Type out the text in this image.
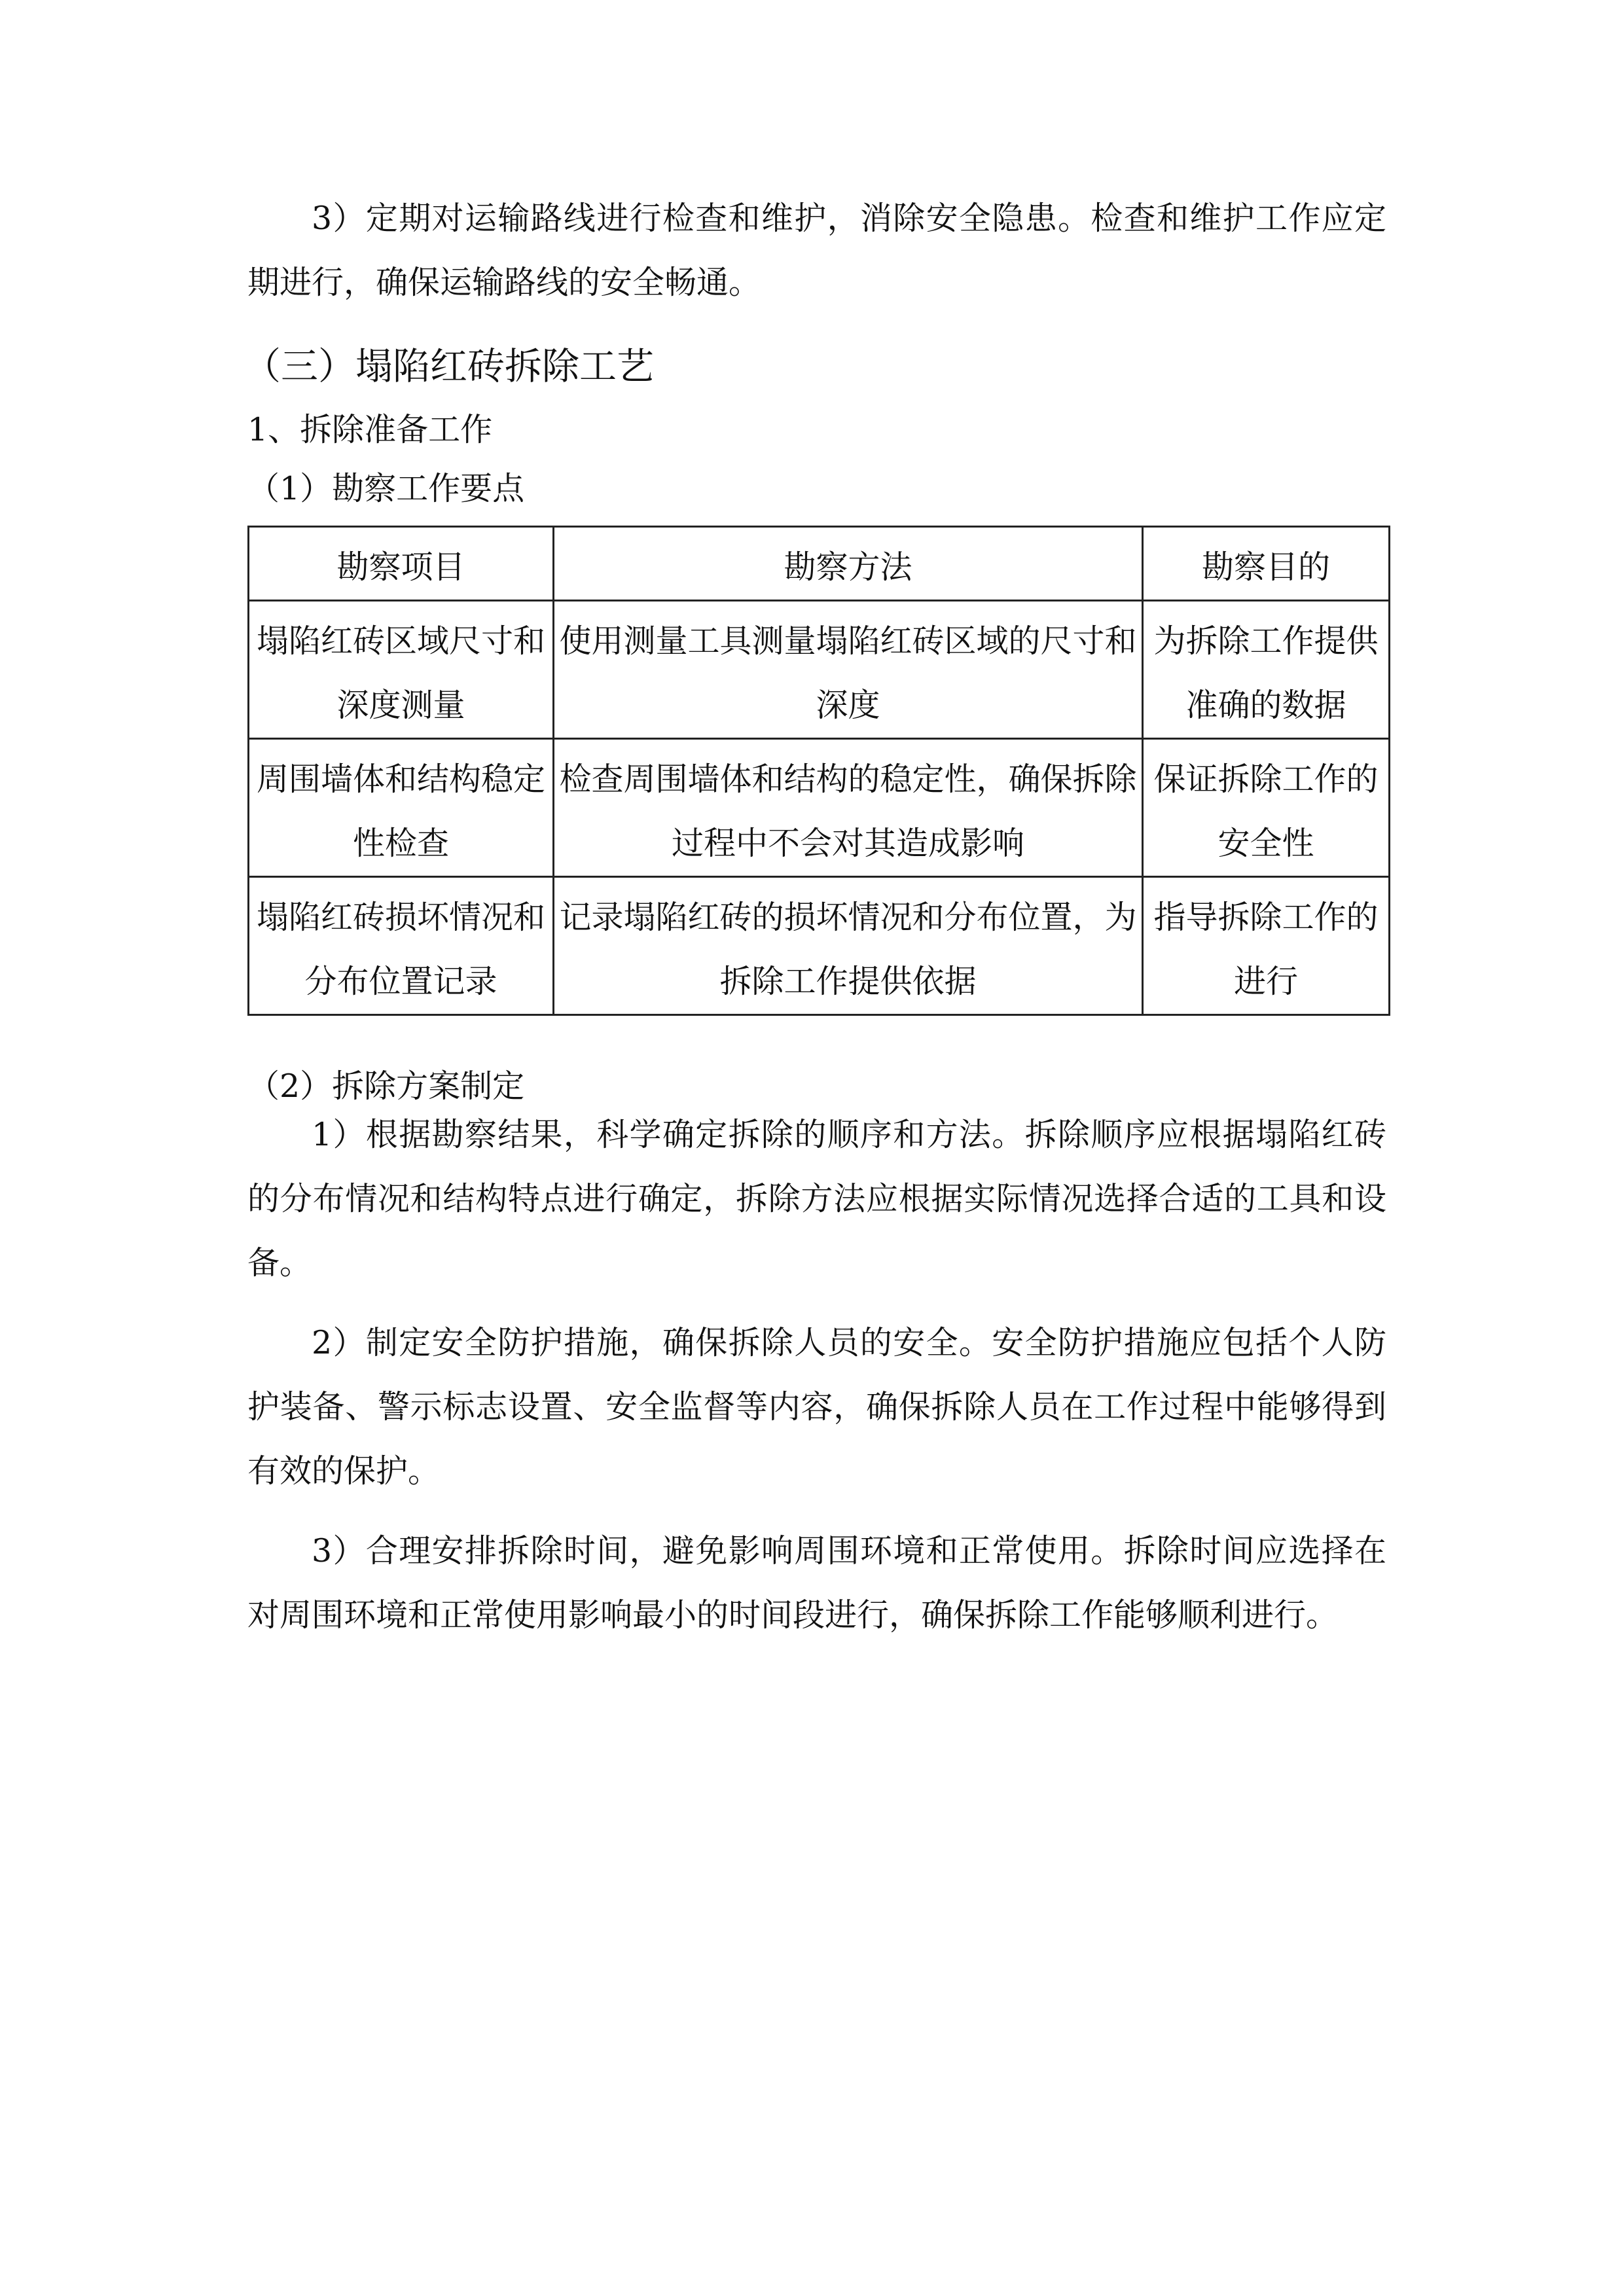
3）定期对运输路线进行检查和维护，消除安全隐患。检查和维护工作应定期进行，确保运输路线的安全畅通。

（三）塌陷红砖拆除工艺

1、拆除准备工作

（1）勘察工作要点

勘察项目	勘察方法	勘察目的
塌陷红砖区域尺寸和深度测量	使用测量工具测量塌陷红砖区域的尺寸和深度	为拆除工作提供准确的数据
周围墙体和结构稳定性检查	检查周围墙体和结构的稳定性，确保拆除过程中不会对其造成影响	保证拆除工作的安全性
塌陷红砖损坏情况和分布位置记录	记录塌陷红砖的损坏情况和分布位置，为拆除工作提供依据	指导拆除工作的进行

（2）拆除方案制定

1）根据勘察结果，科学确定拆除的顺序和方法。拆除顺序应根据塌陷红砖的分布情况和结构特点进行确定，拆除方法应根据实际情况选择合适的工具和设备。

2）制定安全防护措施，确保拆除人员的安全。安全防护措施应包括个人防护装备、警示标志设置、安全监督等内容，确保拆除人员在工作过程中能够得到有效的保护。

3）合理安排拆除时间，避免影响周围环境和正常使用。拆除时间应选择在对周围环境和正常使用影响最小的时间段进行，确保拆除工作能够顺利进行。
